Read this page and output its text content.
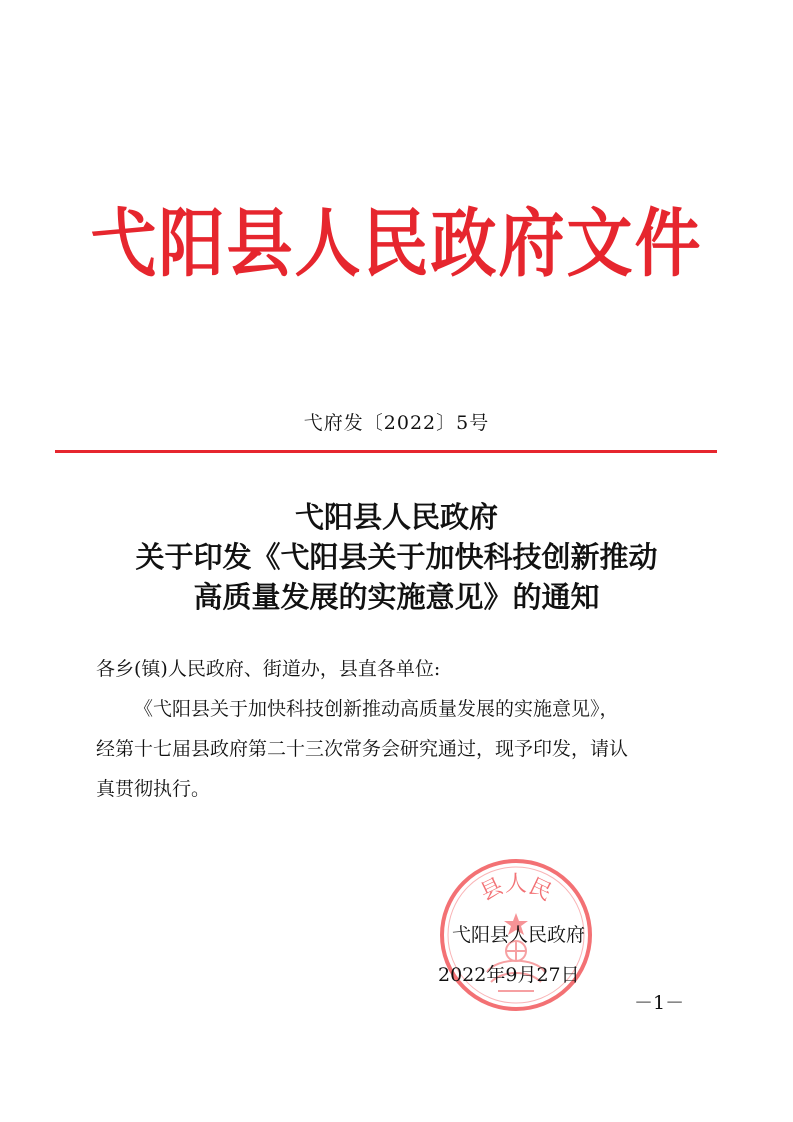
弋阳县人民政府文件
弋府发〔2022〕5号
弋阳县人民政府
关于印发《弋阳县关于加快科技创新推动
高质量发展的实施意见》的通知
各乡(镇)人民政府、街道办，县直各单位:
《弋阳县关于加快科技创新推动高质量发展的实施意见》，
经第十七届县政府第二十三次常务会研究通过，现予印发，请认
真贯彻执行。
县人民
弋阳县人民政府
2022年9月27日
－1－
